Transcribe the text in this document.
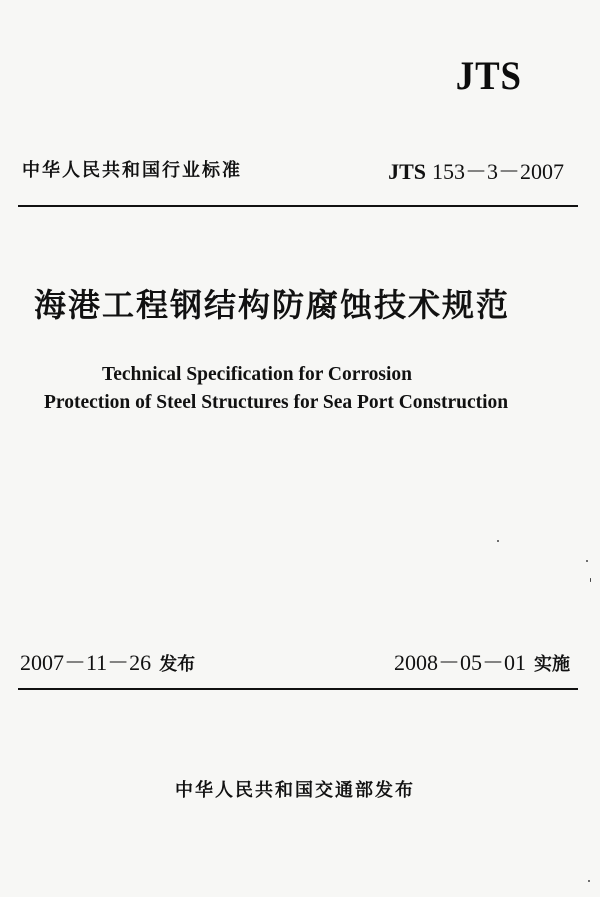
JTS
中华人民共和国行业标准	JTS 153－3－2007
海港工程钢结构防腐蚀技术规范
Technical Specification for Corrosion
Protection of Steel Structures for Sea Port Construction
2007－11－26 发布	2008－05－01 实施
中华人民共和国交通部发布
